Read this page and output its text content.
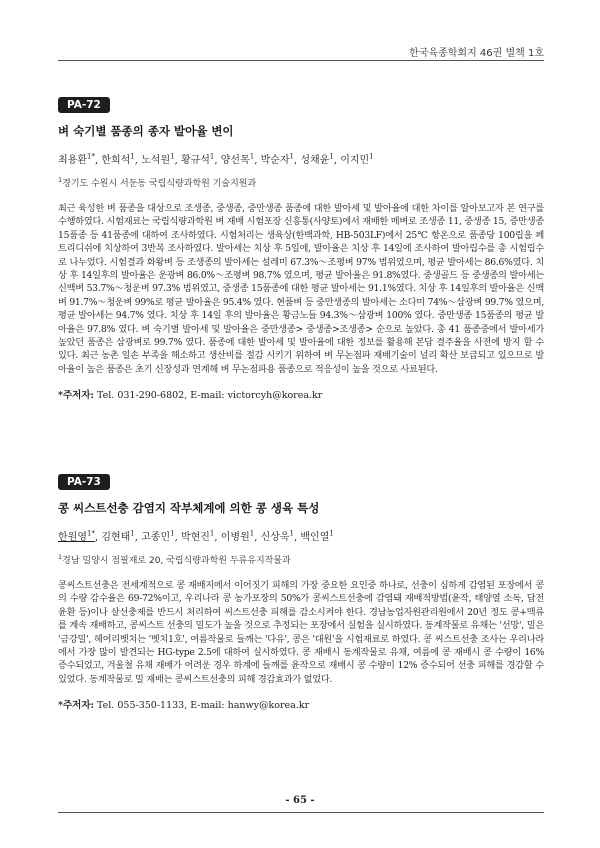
한국육종학회지 46권 별책 1호
PA-72
벼 숙기별 품종의 종자 발아율 변이
최용환$^{1*}$, 한희석$^1$, 노석원$^1$, 황규석$^1$, 양선목$^1$, 박순자$^1$, 성채윤$^1$, 이지민$^1$
$^1$경기도 수원시 서둔동 국립식량과학원 기술지원과
최근 육성한 벼 품종을 대상으로 조생종, 중생종, 중만생종 품종에 대한 발아세 및 발아율에 대한 차이를 알아보고자 본 연구를 수행하였다. 시험재료는 국립식량과학원 벼 재배 시험포장 신흥통(사양토)에서 재배한 메벼로 조생종 11, 중생종 15, 중만생종 15품종 등 41품종에 대하여 조사하였다. 시험처리는 생육상(한백과학, HB-503LF)에서 25℃ 항온으로 품종당 100립을 페트리디쉬에 치상하여 3반복 조사하였다. 발아세는 치상 후 5일에, 발아율은 치상 후 14일에 조사하여 발아립수를 총 시험립수로 나누었다. 시험결과 화왕벼 등 조생종의 발아세는 설레미 67.3%～조평벼 97% 범위였으며, 평균 발아세는 86.6%였다. 치상 후 14일후의 발아율은 운광벼 86.0%～조평벼 98.7% 였으며, 평균 발아율은 91.8%였다. 중생골드 등 중생종의 발아세는 신백벼 53.7%～청운벼 97.3% 범위였고, 중생종 15품종에 대한 평균 발아세는 91.1%였다. 치상 후 14일후의 발아율은 신백벼 91.7%～청운벼 99%로 평균 발아율은 95.4% 였다. 현품벼 등 중만생종의 발아세는 소다미 74%～삼광벼 99.7% 였으며, 평균 발아세는 94.7% 였다. 치상 후 14일 후의 발아율은 황금노들 94.3%～삼광벼 100% 였다. 중만생종 15품종의 평균 발아율은 97.8% 였다. 벼 숙기별 발아세 및 발아율은 중만생종> 중생종>조생종> 순으로 높았다. 총 41 품종중에서 발아세가 높았던 품종은 삼광벼로 99.7% 였다. 품종에 대한 발아세 및 발아율에 대한 정보를 활용해 본답 결주율을 사전에 방지 할 수 있다. 최근 농촌 일손 부족을 해소하고 생산비를 절감 시키기 위하여 벼 무논점파 재배기술이 널리 확산 보급되고 있으므로 발아율이 높은 품종은 초기 신장성과 연계해 벼 무논점파용 품종으로 적응성이 높을 것으로 사료된다.
*주저자: Tel. 031-290-6802, E-mail: victorcyh@korea.kr
PA-73
콩 씨스트선충 감염지 작부체계에 의한 콩 생육 특성
한원영$^{1*}$, 김현태$^1$, 고종민$^1$, 박현진$^1$, 이병원$^1$, 신상욱$^1$, 백인열$^1$
$^1$경남 밀양시 점필재로 20, 국립식량과학원 두류유지작물과
콩씨스트선충은 전세계적으로 콩 재배지에서 이어짓기 피해의 가장 중요한 요인중 하나로, 선충이 심하게 감염된 포장에서 콩의 수량 감수율은 69-72%이고, 우리나라 콩 농가포장의 50%가 콩씨스트선충에 감염돼 재배적방법(윤작, 태양열 소독, 답전윤환 등)이나 살선충제를 반드시 처리하여 씨스트선충 피해를 감소시켜야 한다. 경남농업자원관리원에서 20년 정도 콩+맥류를 계속 재배하고, 콩씨스트 선충의 밀도가 높을 것으로 추정되는 포장에서 실험을 실시하였다. 동계작물로 유채는 '선망', 밀은 '금강밀', 헤어리벳치는 '벳치1호', 여름작물로 들깨는 '다유', 콩은 '대원'을 시험재료로 하였다. 콩 씨스트선충 조사는 우리나라에서 가장 많이 발견되는 HG-type 2.5에 대하여 실시하였다. 콩 재배시 동계작물로 유채, 여름에 콩 재배시 콩 수량이 16% 증수되었고, 겨울철 유채 재배가 어려운 경우 하계에 들깨를 윤작으로 재배시 콩 수량이 12% 증수되어 선충 피해를 경감할 수 있었다. 동계작물로 밀 재배는 콩씨스트선충의 피해 경감효과가 없었다.
*주저자: Tel. 055-350-1133, E-mail: hanwy@korea.kr
- 65 -
